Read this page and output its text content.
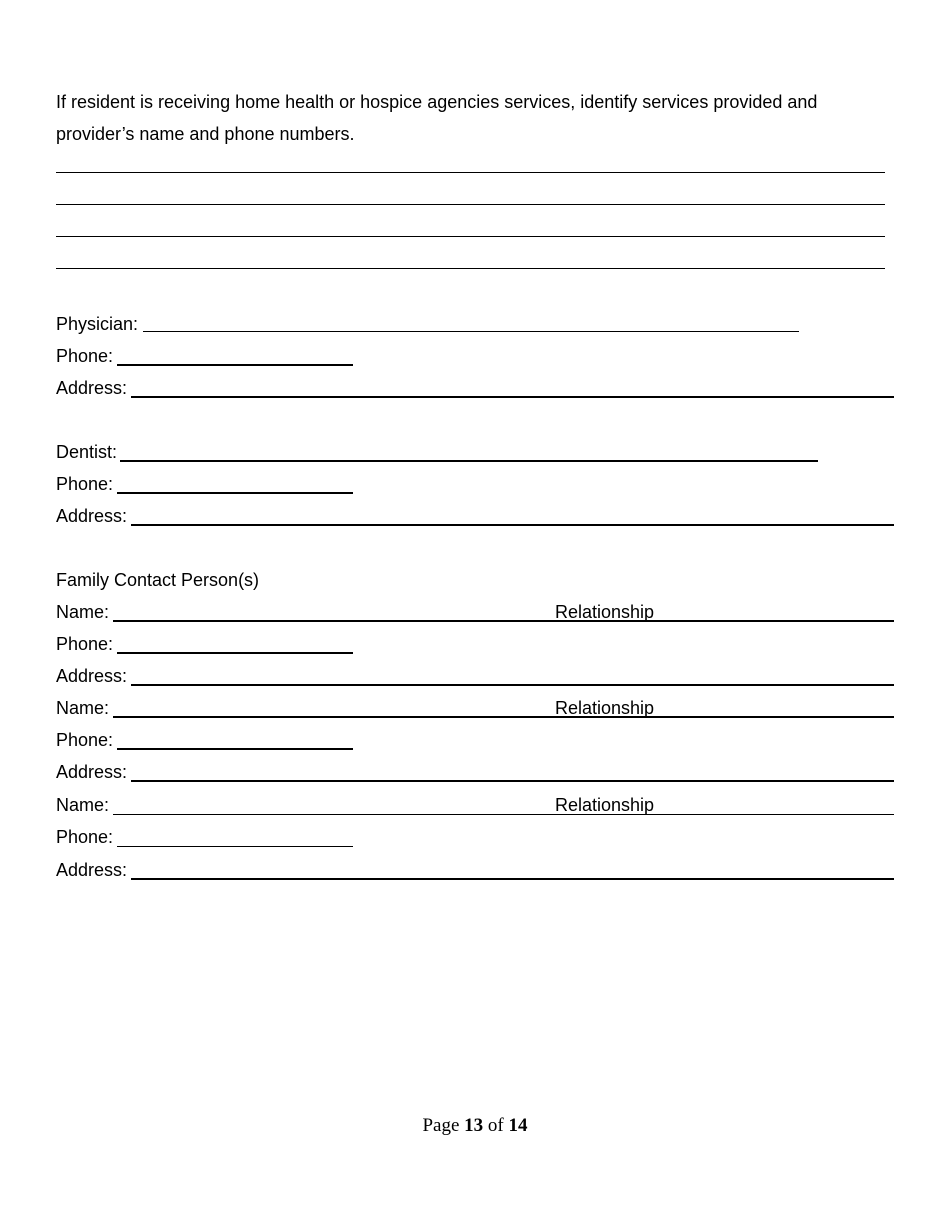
If resident is receiving home health or hospice agencies services, identify services provided and
provider’s name and phone numbers.
Physician:
Phone:
Address:
Dentist:
Phone:
Address:
Family Contact Person(s)
Name:	Relationship
Phone:
Address:
Name:	Relationship
Phone:
Address:
Name:	Relationship
Phone:
Address:
Page 13 of 14
